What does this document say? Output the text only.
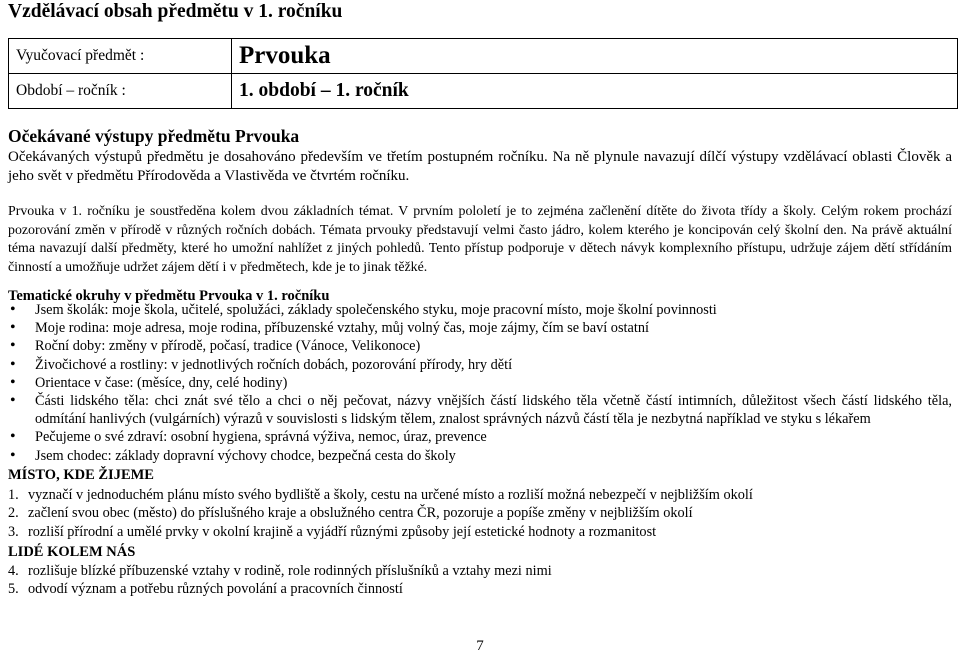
Vzdělávací obsah předmětu v 1. ročníku
Vyučovací předmět :	Prvouka
Období – ročník :	1. období – 1. ročník
Očekávané výstupy předmětu Prvouka
Očekávaných výstupů předmětu je dosahováno především ve třetím postupném ročníku. Na ně plynule navazují dílčí výstupy vzdělávací oblasti Člověk a jeho svět v předmětu Přírodověda a Vlastivěda ve čtvrtém ročníku.
Prvouka v 1. ročníku je soustředěna kolem dvou základních témat. V prvním pololetí je to zejména začlenění dítěte do života třídy a školy. Celým rokem prochází pozorování změn v přírodě v různých ročních dobách. Témata prvouky představují velmi často jádro, kolem kterého je koncipován celý školní den. Na právě aktuální téma navazují další předměty, které ho umožní nahlížet z jiných pohledů. Tento přístup podporuje v dětech návyk komplexního přístupu, udržuje zájem dětí střídáním činností a umožňuje udržet zájem dětí i v předmětech, kde je to jinak těžké.
Tematické okruhy v předmětu Prvouka v 1. ročníku
• Jsem školák: moje škola, učitelé, spolužáci, základy společenského styku, moje pracovní místo, moje školní povinnosti
• Moje rodina: moje adresa, moje rodina, příbuzenské vztahy, můj volný čas, moje zájmy, čím se baví ostatní
• Roční doby: změny v přírodě, počasí, tradice (Vánoce, Velikonoce)
• Živočichové a rostliny: v jednotlivých ročních dobách, pozorování přírody, hry dětí
• Orientace v čase: (měsíce, dny, celé hodiny)
• Části lidského těla: chci znát své tělo a chci o něj pečovat, názvy vnějších částí lidského těla včetně částí intimních, důležitost všech částí lidského těla, odmítání hanlivých (vulgárních) výrazů v souvislosti s lidským tělem, znalost správných názvů částí těla je nezbytná například ve styku s lékařem
• Pečujeme o své zdraví: osobní hygiena, správná výživa, nemoc, úraz, prevence
• Jsem chodec: základy dopravní výchovy chodce, bezpečná cesta do školy
MÍSTO, KDE ŽIJEME
1. vyznačí v jednoduchém plánu místo svého bydliště a školy, cestu na určené místo a rozliší možná nebezpečí v nejbližším okolí
2. začlení svou obec (město) do příslušného kraje a obslužného centra ČR, pozoruje a popíše změny v nejbližším okolí
3. rozliší přírodní a umělé prvky v okolní krajině a vyjádří různými způsoby její estetické hodnoty a rozmanitost
LIDÉ KOLEM NÁS
4. rozlišuje blízké příbuzenské vztahy v rodině, role rodinných příslušníků a vztahy mezi nimi
5. odvodí význam a potřebu různých povolání a pracovních činností
7
